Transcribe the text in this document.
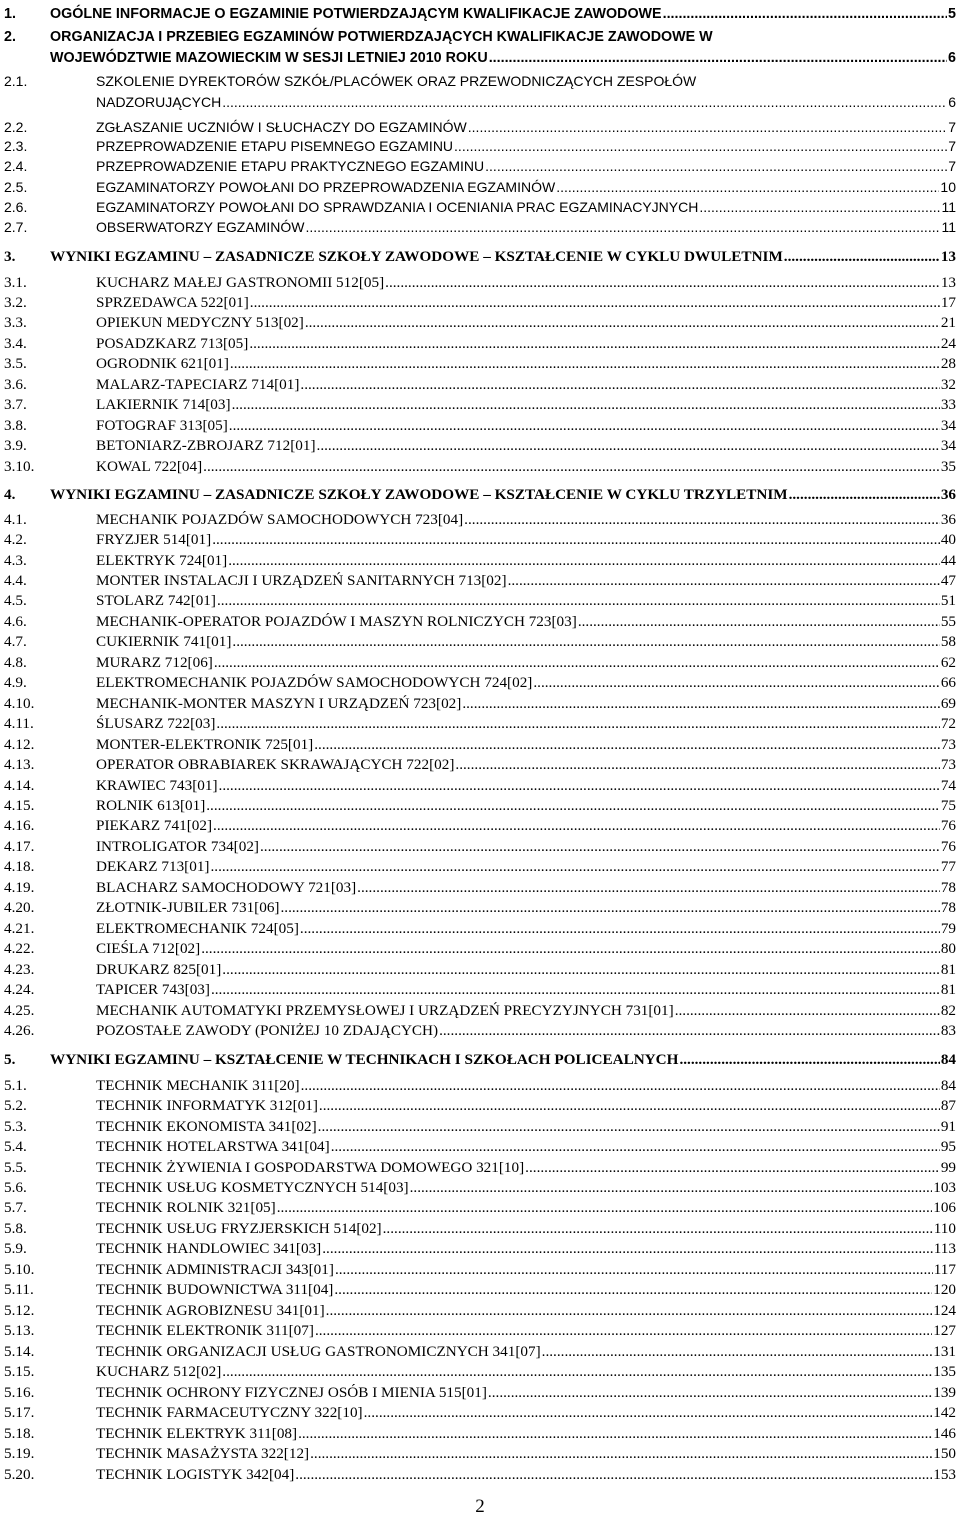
1. OGÓLNE INFORMACJE O EGZAMINIE POTWIERDZAJĄCYM KWALIFIKACJE ZAWODOWE .....	5
2. ORGANIZACJA I PRZEBIEG EGZAMINÓW POTWIERDZAJĄCYCH KWALIFIKACJE ZAWODOWE W
WOJEWÓDZTWIE MAZOWIECKIM W SESJI LETNIEJ 2010 ROKU .....	6
2.1.	SZKOLENIE DYREKTORÓW SZKÓŁ/PLACÓWEK ORAZ PRZEWODNICZĄCYCH ZESPOŁÓW
NADZORUJĄCYCH .....	6
2.2.	ZGŁASZANIE UCZNIÓW I SŁUCHACZY DO EGZAMINÓW .....	7
2.3.	PRZEPROWADZENIE ETAPU PISEMNEGO EGZAMINU .....	7
2.4.	PRZEPROWADZENIE ETAPU PRAKTYCZNEGO EGZAMINU .....	7
2.5.	EGZAMINATORZY POWOŁANI DO PRZEPROWADZENIA EGZAMINÓW .....	10
2.6.	EGZAMINATORZY POWOŁANI DO SPRAWDZANIA I OCENIANIA PRAC EGZAMINACYJNYCH .....	11
2.7.	OBSERWATORZY EGZAMINÓW .....	11
3. WYNIKI EGZAMINU – ZASADNICZE SZKOŁY ZAWODOWE – KSZTAŁCENIE W CYKLU DWULETNIM .....	13
3.1.	KUCHARZ MAŁEJ GASTRONOMII 512[05] .....	13
3.2.	SPRZEDAWCA 522[01] .....	17
3.3.	OPIEKUN MEDYCZNY 513[02] .....	21
3.4.	POSADZKARZ 713[05] .....	24
3.5.	OGRODNIK 621[01] .....	28
3.6.	MALARZ-TAPECIARZ 714[01] .....	32
3.7.	LAKIERNIK 714[03] .....	33
3.8.	FOTOGRAF 313[05] .....	34
3.9.	BETONIARZ-ZBROJARZ 712[01] .....	34
3.10.	KOWAL 722[04] .....	35
4. WYNIKI EGZAMINU – ZASADNICZE SZKOŁY ZAWODOWE – KSZTAŁCENIE W CYKLU TRZYLETNIM .....	36
4.1.	MECHANIK POJAZDÓW SAMOCHODOWYCH 723[04] .....	36
4.2.	FRYZJER 514[01] .....	40
4.3.	ELEKTRYK 724[01] .....	44
4.4.	MONTER INSTALACJI I URZĄDZEŃ SANITARNYCH 713[02] .....	47
4.5.	STOLARZ 742[01] .....	51
4.6.	MECHANIK-OPERATOR POJAZDÓW I MASZYN ROLNICZYCH 723[03] .....	55
4.7.	CUKIERNIK 741[01] .....	58
4.8.	MURARZ 712[06] .....	62
4.9.	ELEKTROMECHANIK POJAZDÓW SAMOCHODOWYCH 724[02] .....	66
4.10.	MECHANIK-MONTER MASZYN I URZĄDZEŃ 723[02] .....	69
4.11.	ŚLUSARZ 722[03] .....	72
4.12.	MONTER-ELEKTRONIK 725[01] .....	73
4.13.	OPERATOR OBRABIAREK SKRAWAJĄCYCH 722[02] .....	73
4.14.	KRAWIEC 743[01] .....	74
4.15.	ROLNIK 613[01] .....	75
4.16.	PIEKARZ 741[02] .....	76
4.17.	INTROLIGATOR 734[02] .....	76
4.18.	DEKARZ 713[01] .....	77
4.19.	BLACHARZ SAMOCHODOWY 721[03] .....	78
4.20.	ZŁOTNIK-JUBILER 731[06] .....	78
4.21.	ELEKTROMECHANIK 724[05] .....	79
4.22.	CIEŚLA 712[02] .....	80
4.23.	DRUKARZ 825[01] .....	81
4.24.	TAPICER 743[03] .....	81
4.25.	MECHANIK AUTOMATYKI PRZEMYSŁOWEJ I URZĄDZEŃ PRECYZYJNYCH 731[01] .....	82
4.26.	POZOSTAŁE ZAWODY (PONIŻEJ 10 ZDAJĄCYCH) .....	83
5. WYNIKI EGZAMINU – KSZTAŁCENIE W TECHNIKACH I SZKOŁACH POLICEALNYCH .....	84
5.1.	TECHNIK MECHANIK 311[20] .....	84
5.2.	TECHNIK INFORMATYK 312[01] .....	87
5.3.	TECHNIK EKONOMISTA 341[02] .....	91
5.4.	TECHNIK HOTELARSTWA 341[04] .....	95
5.5.	TECHNIK ŻYWIENIA I GOSPODARSTWA DOMOWEGO 321[10] .....	99
5.6.	TECHNIK USŁUG KOSMETYCZNYCH 514[03] .....	103
5.7.	TECHNIK ROLNIK 321[05] .....	106
5.8.	TECHNIK USŁUG FRYZJERSKICH 514[02] .....	110
5.9.	TECHNIK HANDLOWIEC 341[03] .....	113
5.10.	TECHNIK ADMINISTRACJI 343[01] .....	117
5.11.	TECHNIK BUDOWNICTWA 311[04] .....	120
5.12.	TECHNIK AGROBIZNESU 341[01] .....	124
5.13.	TECHNIK ELEKTRONIK 311[07] .....	127
5.14.	TECHNIK ORGANIZACJI USŁUG GASTRONOMICZNYCH 341[07] .....	131
5.15.	KUCHARZ 512[02] .....	135
5.16.	TECHNIK OCHRONY FIZYCZNEJ OSÓB I MIENIA 515[01] .....	139
5.17.	TECHNIK FARMACEUTYCZNY 322[10] .....	142
5.18.	TECHNIK ELEKTRYK 311[08] .....	146
5.19.	TECHNIK MASAŻYSTA 322[12] .....	150
5.20.	TECHNIK LOGISTYK 342[04] .....	153
2
